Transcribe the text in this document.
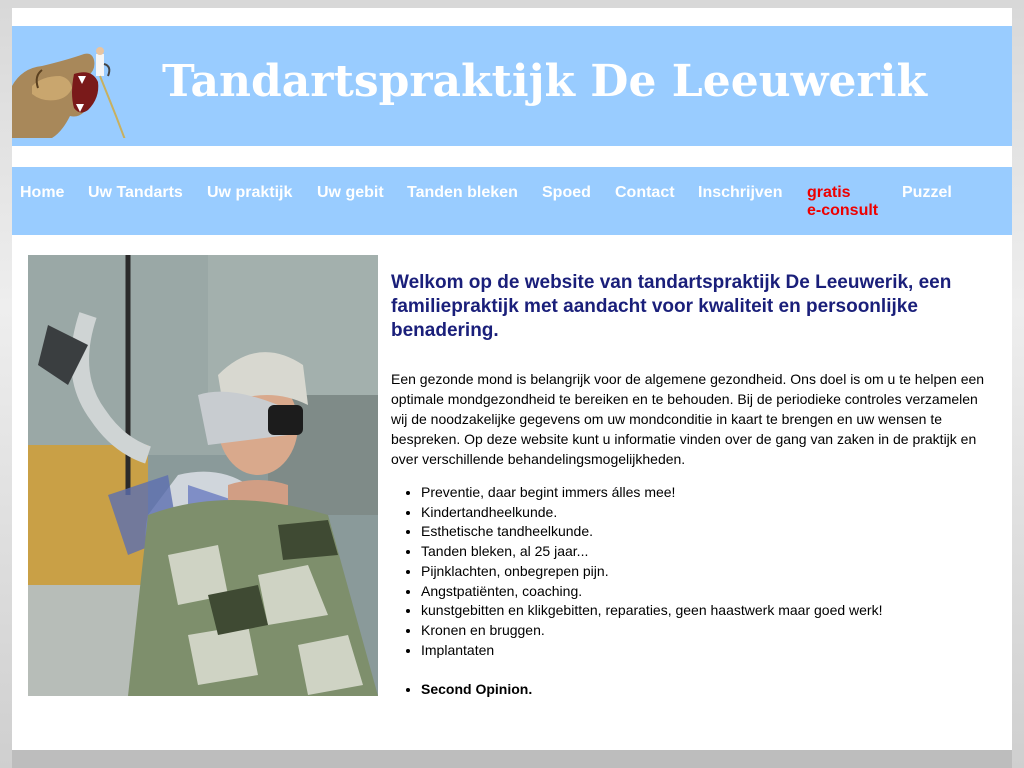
Tandartspraktijk De Leeuwerik
Home Uw Tandarts Uw praktijk Uw gebit Tanden bleken Spoed Contact Inschrijven gratis
e-consult
Puzzel

Welkom op de website van tandartspraktijk De Leeuwerik, een familiepraktijk met aandacht voor kwaliteit en persoonlijke benadering.

Een gezonde mond is belangrijk voor de algemene gezondheid. Ons doel is om u te helpen een optimale mondgezondheid te bereiken en te behouden. Bij de periodieke controles verzamelen wij de noodzakelijke gegevens om uw mondconditie in kaart te brengen en uw wensen te bespreken. Op deze website kunt u informatie vinden over de gang van zaken in de praktijk en over verschillende behandelingsmogelijkheden.

• Preventie, daar begint immers álles mee!
• Kindertandheelkunde.
• Esthetische tandheelkunde.
• Tanden bleken, al 25 jaar...
• Pijnklachten, onbegrepen pijn.
• Angstpatiënten, coaching.
• kunstgebitten en klikgebitten, reparaties, geen haastwerk maar goed werk!
• Kronen en bruggen.
• Implantaten
• Second Opinion.
